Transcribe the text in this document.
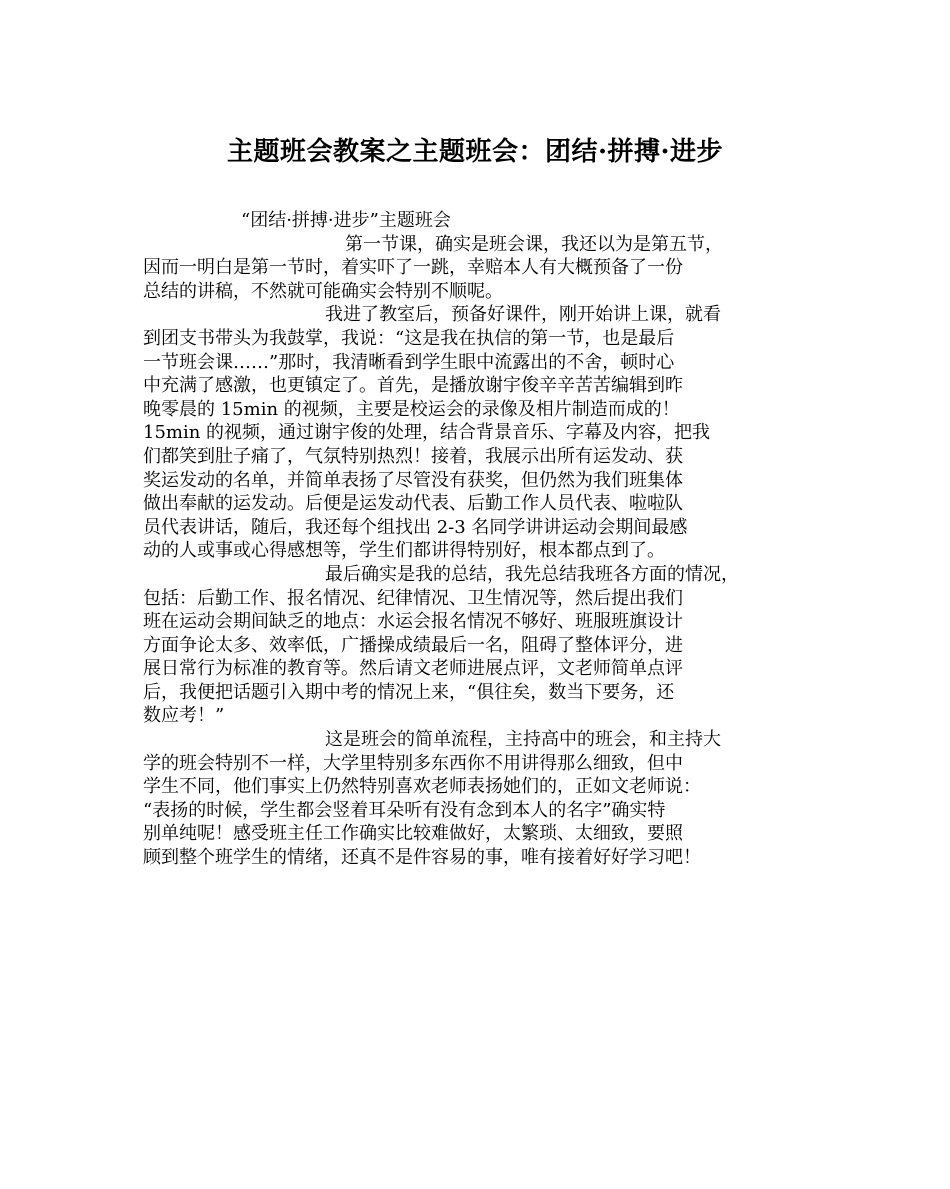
主题班会教案之主题班会：团结·拼搏·进步
“团结·拼搏·进步”主题班会
第一节课，确实是班会课，我还以为是第五节，
因而一明白是第一节时，着实吓了一跳，幸赔本人有大概预备了一份
总结的讲稿，不然就可能确实会特别不顺呢。
我进了教室后，预备好课件，刚开始讲上课，就看
到团支书带头为我鼓掌，我说：“这是我在执信的第一节，也是最后
一节班会课……”那时，我清晰看到学生眼中流露出的不舍，顿时心
中充满了感激，也更镇定了。首先，是播放谢宇俊辛辛苦苦编辑到昨
晚零晨的 15min 的视频，主要是校运会的录像及相片制造而成的！
15min 的视频，通过谢宇俊的处理，结合背景音乐、字幕及内容，把我
们都笑到肚子痛了，气氛特别热烈！接着，我展示出所有运发动、获
奖运发动的名单，并简单表扬了尽管没有获奖，但仍然为我们班集体
做出奉献的运发动。后便是运发动代表、后勤工作人员代表、啦啦队
员代表讲话，随后，我还每个组找出 2-3 名同学讲讲运动会期间最感
动的人或事或心得感想等，学生们都讲得特别好，根本都点到了。
最后确实是我的总结，我先总结我班各方面的情况，
包括：后勤工作、报名情况、纪律情况、卫生情况等，然后提出我们
班在运动会期间缺乏的地点：水运会报名情况不够好、班服班旗设计
方面争论太多、效率低，广播操成绩最后一名，阻碍了整体评分，进
展日常行为标准的教育等。然后请文老师进展点评，文老师简单点评
后，我便把话题引入期中考的情况上来，“俱往矣，数当下要务，还
数应考！”
这是班会的简单流程，主持高中的班会，和主持大
学的班会特别不一样，大学里特别多东西你不用讲得那么细致，但中
学生不同，他们事实上仍然特别喜欢老师表扬她们的，正如文老师说：
“表扬的时候，学生都会竖着耳朵听有没有念到本人的名字”确实特
别单纯呢！感受班主任工作确实比较难做好，太繁琐、太细致，要照
顾到整个班学生的情绪，还真不是件容易的事，唯有接着好好学习吧！
